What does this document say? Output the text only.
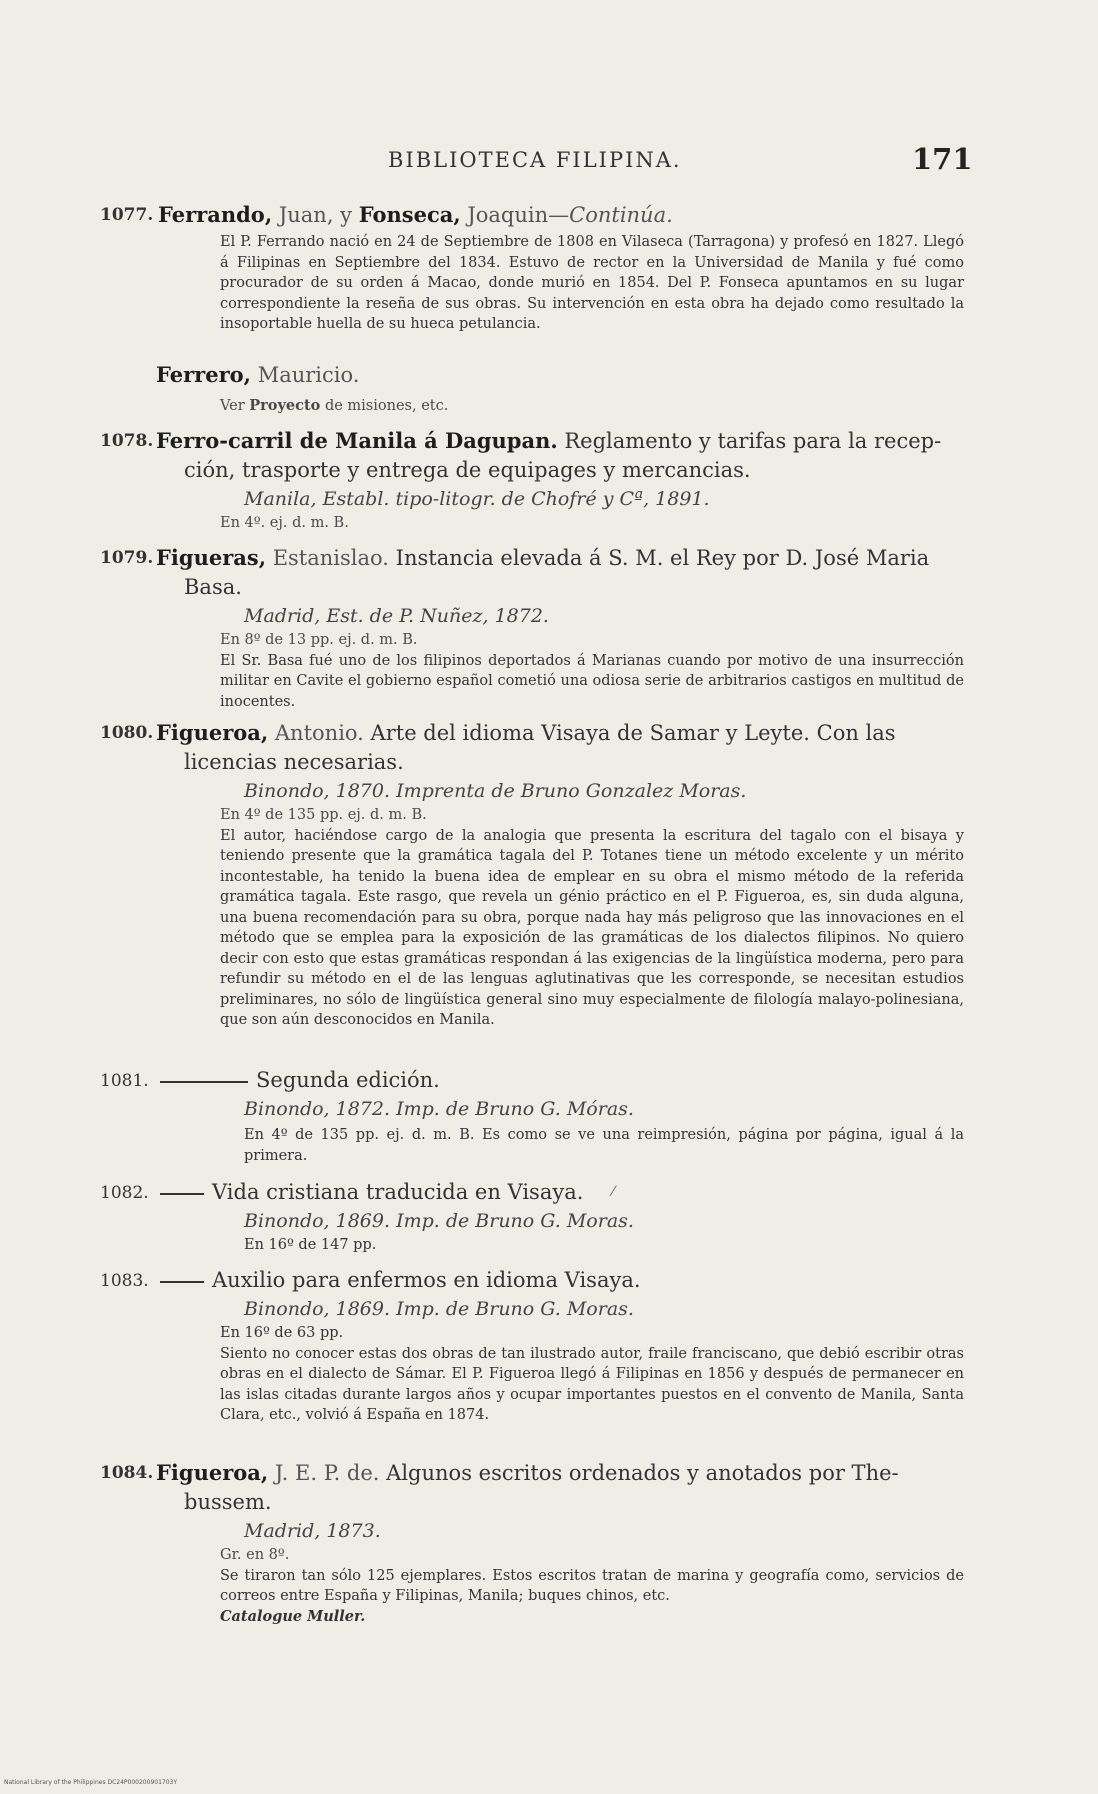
BIBLIOTECA FILIPINA.	171
1077. Ferrando, Juan, y Fonseca, Joaquin—Continúa.
El P. Ferrando nació en 24 de Septiembre de 1808 en Vilaseca (Tarragona) y profesó en 1827. Llegó á Filipinas en Septiembre del 1834. Estuvo de rector en la Universidad de Manila y fué como procurador de su orden á Macao, donde murió en 1854. Del P. Fonseca apuntamos en su lugar correspondiente la reseña de sus obras. Su intervención en esta obra ha dejado como resultado la insoportable huella de su hueca petulancia.
Ferrero, Mauricio.
Ver Proyecto de misiones, etc.
1078. Ferro-carril de Manila á Dagupan. Reglamento y tarifas para la recep-
ción, trasporte y entrega de equipages y mercancias.
Manila, Establ. tipo-litogr. de Chofré y Cª, 1891.
En 4º. ej. d. m. B.
1079. Figueras, Estanislao. Instancia elevada á S. M. el Rey por D. José Maria
Basa.
Madrid, Est. de P. Nuñez, 1872.
En 8º de 13 pp. ej. d. m. B.
El Sr. Basa fué uno de los filipinos deportados á Marianas cuando por motivo de una insurrección militar en Cavite el gobierno español cometió una odiosa serie de arbitrarios castigos en multitud de inocentes.
1080. Figueroa, Antonio. Arte del idioma Visaya de Samar y Leyte. Con las
licencias necesarias.
Binondo, 1870. Imprenta de Bruno Gonzalez Moras.
En 4º de 135 pp. ej. d. m. B.
El autor, haciéndose cargo de la analogia que presenta la escritura del tagalo con el bisaya y teniendo presente que la gramática tagala del P. Totanes tiene un método excelente y un mérito incontestable, ha tenido la buena idea de emplear en su obra el mismo método de la referida gramática tagala. Este rasgo, que revela un génio práctico en el P. Figueroa, es, sin duda alguna, una buena recomendación para su obra, porque nada hay más peligroso que las innovaciones en el método que se emplea para la exposición de las gramáticas de los dialectos filipinos. No quiero decir con esto que estas gramáticas respondan á las exigencias de la lingüística moderna, pero para refundir su método en el de las lenguas aglutinativas que les corresponde, se necesitan estudios preliminares, no sólo de lingüística general sino muy especialmente de filología malayo-polinesiana, que son aún desconocidos en Manila.
1081.	Segunda edición.
Binondo, 1872. Imp. de Bruno G. Móras.
En 4º de 135 pp. ej. d. m. B. Es como se ve una reimpresión, página por página, igual á la primera.
1082.	Vida cristiana traducida en Visaya.
Binondo, 1869. Imp. de Bruno G. Moras.
En 16º de 147 pp.
1083.	Auxilio para enfermos en idioma Visaya.
Binondo, 1869. Imp. de Bruno G. Moras.
En 16º de 63 pp.
Siento no conocer estas dos obras de tan ilustrado autor, fraile franciscano, que debió escribir otras obras en el dialecto de Sámar. El P. Figueroa llegó á Filipinas en 1856 y después de permanecer en las islas citadas durante largos años y ocupar importantes puestos en el convento de Manila, Santa Clara, etc., volvió á España en 1874.
1084. Figueroa, J. E. P. de. Algunos escritos ordenados y anotados por The-
bussem.
Madrid, 1873.
Gr. en 8º.
Se tiraron tan sólo 125 ejemplares. Estos escritos tratan de marina y geografía como, servicios de correos entre España y Filipinas, Manila; buques chinos, etc.
Catalogue Muller.
⁄
National Library of the Philippines DC24P000200901703Y
